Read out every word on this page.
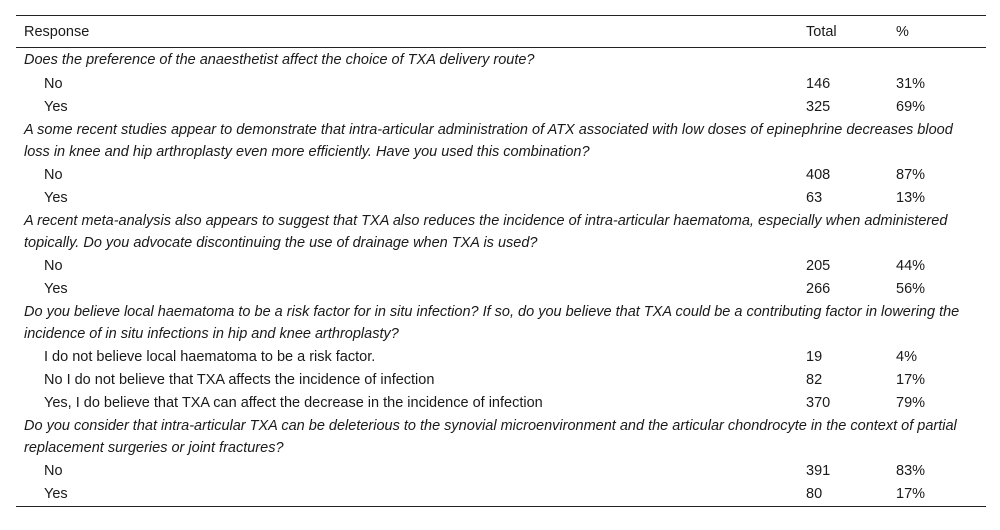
Response	Total	%
Does the preference of the anaesthetist affect the choice of TXA delivery route?		
No	146	31%
Yes	325	69%
A some recent studies appear to demonstrate that intra-articular administration of ATX associated with low doses of epinephrine decreases blood loss in knee and hip arthroplasty even more efficiently. Have you used this combination?		
No	408	87%
Yes	63	13%
A recent meta-analysis also appears to suggest that TXA also reduces the incidence of intra-articular haematoma, especially when administered topically. Do you advocate discontinuing the use of drainage when TXA is used?		
No	205	44%
Yes	266	56%
Do you believe local haematoma to be a risk factor for in situ infection? If so, do you believe that TXA could be a contributing factor in lowering the incidence of in situ infections in hip and knee arthroplasty?		
I do not believe local haematoma to be a risk factor.	19	4%
No I do not believe that TXA affects the incidence of infection	82	17%
Yes, I do believe that TXA can affect the decrease in the incidence of infection	370	79%
Do you consider that intra-articular TXA can be deleterious to the synovial microenvironment and the articular chondrocyte in the context of partial replacement surgeries or joint fractures?		
No	391	83%
Yes	80	17%
